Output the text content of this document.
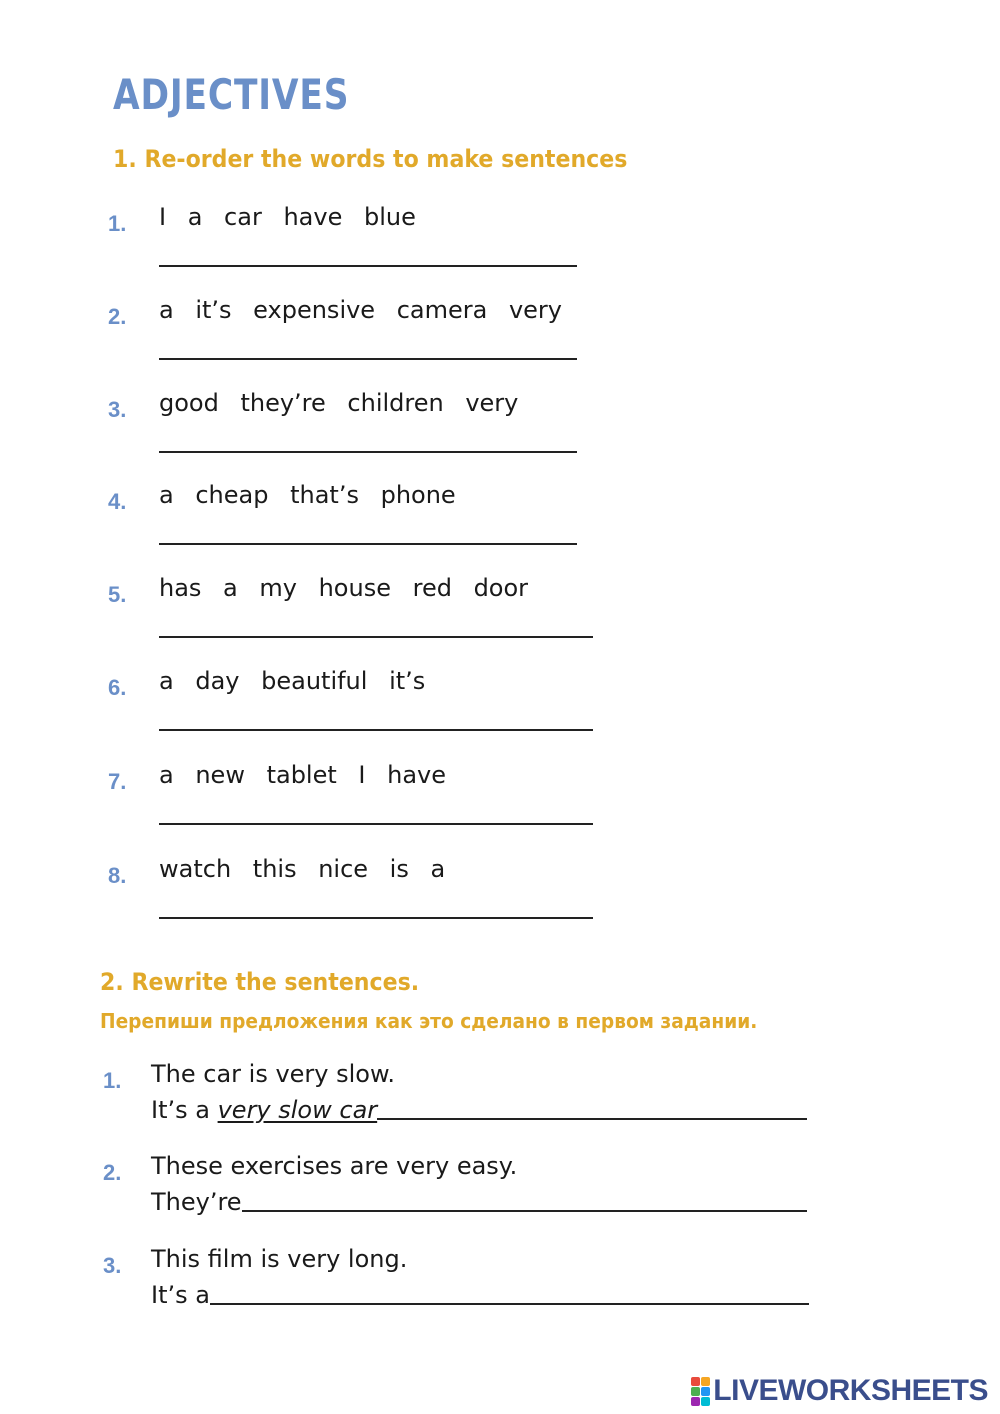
ADJECTIVES
1. Re-order the words to make sentences
1. I a car have blue
2. a it’s expensive camera very
3. good they’re children very
4. a cheap that’s phone
5. has a my house red door
6. a day beautiful it’s
7. a new tablet I have
8. watch this nice is a
2. Rewrite the sentences.
Перепиши предложения как это сделано в первом задании.
1. The car is very slow.
It’s a very slow car
2. These exercises are very easy.
They’re
3. This film is very long.
It’s a
LIVEWORKSHEETS
